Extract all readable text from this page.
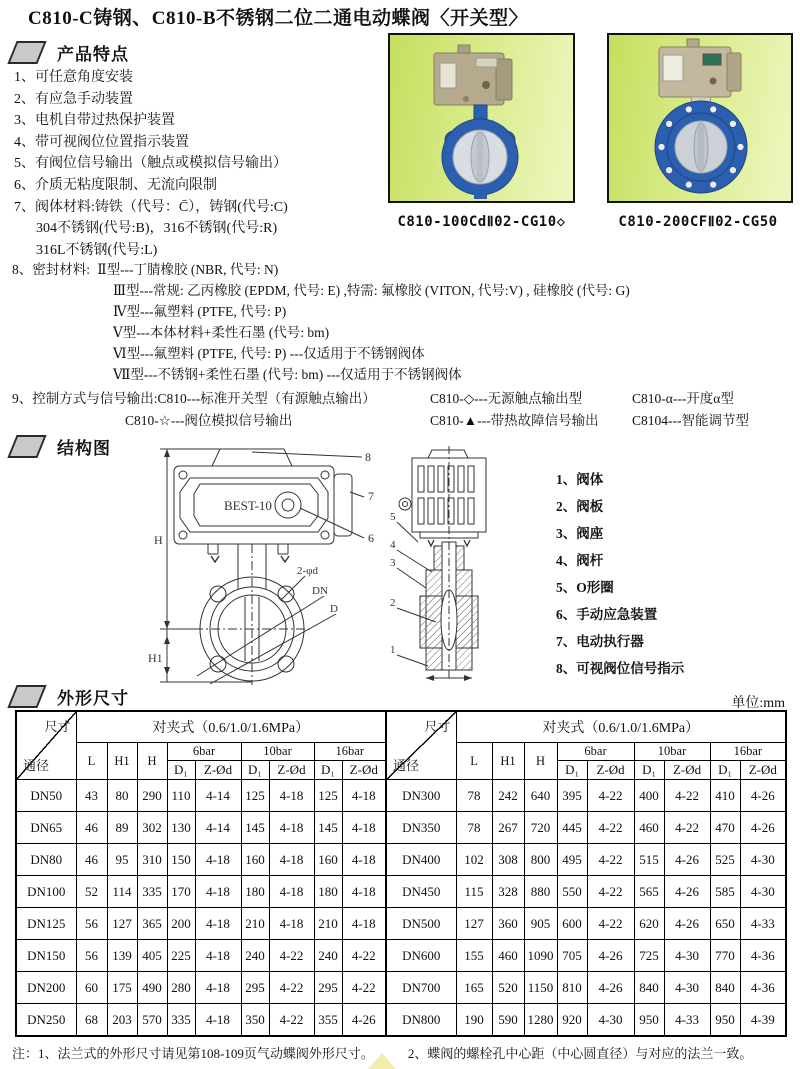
C810-C铸钢、C810-B不锈钢二位二通电动蝶阀〈开关型〉
产品特点
1、可任意角度安装
2、有应急手动装置
3、电机自带过热保护装置
4、带可视阀位位置指示装置
5、有阀位信号输出（触点或模拟信号输出）
6、介质无粘度限制、无流向限制
7、阀体材料:铸铁（代号：C̄），铸钢(代号:C)
304不锈钢(代号:B)，316不锈钢(代号:R)
316L不锈钢(代号:L)
C810-100CdⅡ02-CG10◇	C810-200CFⅡ02-CG50
8、密封材料: Ⅱ型---丁腈橡胶 (NBR, 代号: N)
Ⅲ型---常规: 乙丙橡胶 (EPDM, 代号: E) ,特需: 氟橡胶 (VITON, 代号:V) , 硅橡胶 (代号: G)
Ⅳ型---氟塑料 (PTFE, 代号: P)
Ⅴ型---本体材料+柔性石墨 (代号: bm)
Ⅵ型---氟塑料 (PTFE, 代号: P) ---仅适用于不锈钢阀体
Ⅶ型---不锈钢+柔性石墨 (代号: bm) ---仅适用于不锈钢阀体
9、控制方式与信号输出:C810---标准开关型（有源触点输出）	C810-◇---无源触点输出型	C810-α---开度α型
C810-☆---阀位模拟信号输出	C810-▲---带热故障信号输出	C8104---智能调节型
结构图
BEST-10
H
H1
8
7
6
2-φd
DN
D
5
4
3
2
1
1、阀体
2、阀板
3、阀座
4、阀杆
5、O形圈
6、手动应急装置
7、电动执行器
8、可视阀位信号指示
外形尺寸	单位:mm
尺寸
通径	对夹式（0.6/1.0/1.6MPa）									尺寸
通径	对夹式（0.6/1.0/1.6MPa）								
	L	H1	H	6bar		10bar		16bar			L	H1	H	6bar		10bar		16bar	
				D₁	Z-Ød	D₁	Z-Ød	D₁	Z-Ød					D₁	Z-Ød	D₁	Z-Ød	D₁	Z-Ød
DN50	43	80	290	110	4-14	125	4-18	125	4-18	DN300	78	242	640	395	4-22	400	4-22	410	4-26
DN65	46	89	302	130	4-14	145	4-18	145	4-18	DN350	78	267	720	445	4-22	460	4-22	470	4-26
DN80	46	95	310	150	4-18	160	4-18	160	4-18	DN400	102	308	800	495	4-22	515	4-26	525	4-30
DN100	52	114	335	170	4-18	180	4-18	180	4-18	DN450	115	328	880	550	4-22	565	4-26	585	4-30
DN125	56	127	365	200	4-18	210	4-18	210	4-18	DN500	127	360	905	600	4-22	620	4-26	650	4-33
DN150	56	139	405	225	4-18	240	4-22	240	4-22	DN600	155	460	1090	705	4-26	725	4-30	770	4-36
DN200	60	175	490	280	4-18	295	4-22	295	4-22	DN700	165	520	1150	810	4-26	840	4-30	840	4-36
DN250	68	203	570	335	4-18	350	4-22	355	4-26	DN800	190	590	1280	920	4-30	950	4-33	950	4-39
注：1、法兰式的外形尺寸请见第108-109页气动蝶阀外形尺寸。	2、蝶阀的螺栓孔中心距（中心圆直径）与对应的法兰一致。
